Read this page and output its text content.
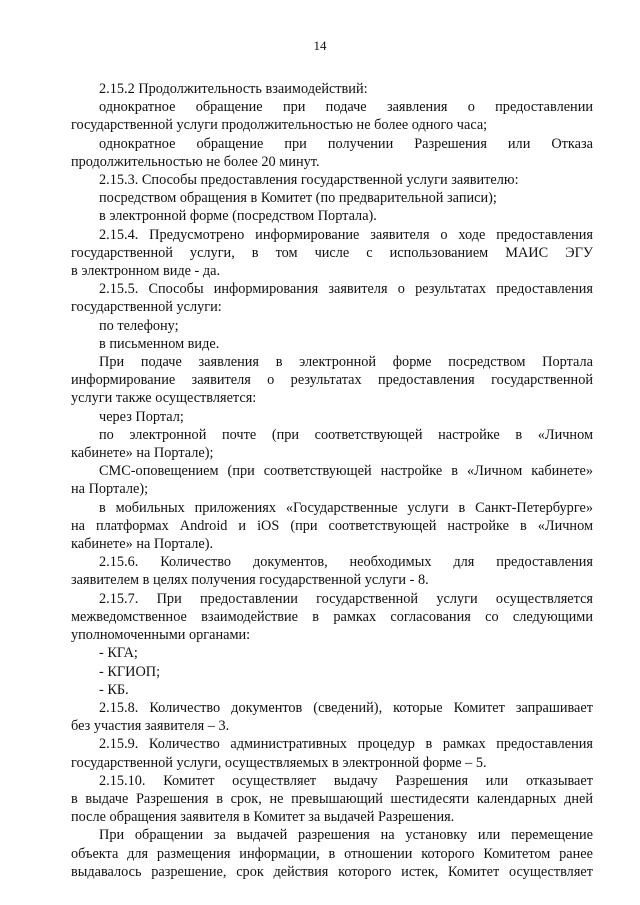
14

2.15.2 Продолжительность взаимодействий:

однократное обращение при подаче заявления о предоставлении

государственной услуги продолжительностью не более одного часа;

однократное обращение при получении Разрешения или Отказа

продолжительностью не более 20 минут.

2.15.3. Способы предоставления государственной услуги заявителю:

посредством обращения в Комитет (по предварительной записи);

в электронной форме (посредством Портала).

2.15.4. Предусмотрено информирование заявителя о ходе предоставления

государственной услуги, в том числе с использованием МАИС ЭГУ

в электронном виде - да.

2.15.5. Способы информирования заявителя о результатах предоставления

государственной услуги:

по телефону;

в письменном виде.

При подаче заявления в электронной форме посредством Портала

информирование заявителя о результатах предоставления государственной

услуги также осуществляется:

через Портал;

по электронной почте (при соответствующей настройке в «Личном

кабинете» на Портале);

СМС-оповещением (при соответствующей настройке в «Личном кабинете»

на Портале);

в мобильных приложениях «Государственные услуги в Санкт-Петербурге»

на платформах Android и iOS (при соответствующей настройке в «Личном

кабинете» на Портале).

2.15.6. Количество документов, необходимых для предоставления

заявителем в целях получения государственной услуги - 8.

2.15.7. При предоставлении государственной услуги осуществляется

межведомственное взаимодействие в рамках согласования со следующими

уполномоченными органами:

- КГА;

- КГИОП;

- КБ.

2.15.8. Количество документов (сведений), которые Комитет запрашивает

без участия заявителя – 3.

2.15.9. Количество административных процедур в рамках предоставления

государственной услуги, осуществляемых в электронной форме – 5.

2.15.10. Комитет осуществляет выдачу Разрешения или отказывает

в выдаче Разрешения в срок, не превышающий шестидесяти календарных дней

после обращения заявителя в Комитет за выдачей Разрешения.

При обращении за выдачей разрешения на установку или перемещение

объекта для размещения информации, в отношении которого Комитетом ранее

выдавалось разрешение, срок действия которого истек, Комитет осуществляет
